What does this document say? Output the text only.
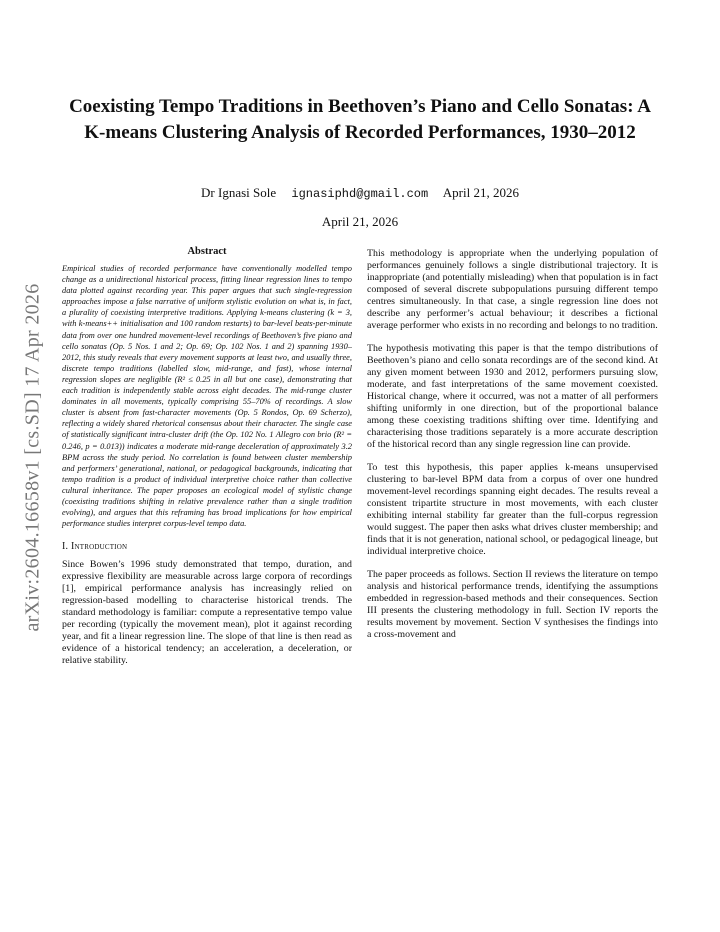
arXiv:2604.16658v1 [cs.SD] 17 Apr 2026
Coexisting Tempo Traditions in Beethoven’s Piano and Cello Sonatas: A K-means Clustering Analysis of Recorded Performances, 1930–2012
Dr Ignasi Sole ignasiphd@gmail.com April 21, 2026
April 21, 2026
Abstract

Empirical studies of recorded performance have conventionally modelled tempo change as a unidirectional historical process, fitting linear regression lines to tempo data plotted against recording year. This paper argues that such single-regression approaches impose a false narrative of uniform stylistic evolution on what is, in fact, a plurality of coexisting interpretive traditions. Applying k-means clustering (k = 3, with k-means++ initialisation and 100 random restarts) to bar-level beats-per-minute data from over one hundred movement-level recordings of Beethoven’s five piano and cello sonatas (Op. 5 Nos. 1 and 2; Op. 69; Op. 102 Nos. 1 and 2) spanning 1930–2012, this study reveals that every movement supports at least two, and usually three, discrete tempo traditions (labelled slow, mid-range, and fast), whose internal regression slopes are negligible (R² ≤ 0.25 in all but one case), demonstrating that each tradition is independently stable across eight decades. The mid-range cluster dominates in all movements, typically comprising 55–70% of recordings. A slow cluster is absent from fast-character movements (Op. 5 Rondos, Op. 69 Scherzo), reflecting a widely shared rhetorical consensus about their character. The single case of statistically significant intra-cluster drift (the Op. 102 No. 1 Allegro con brio (R² = 0.246, p = 0.013)) indicates a moderate mid-range deceleration of approximately 3.2 BPM across the study period. No correlation is found between cluster membership and performers’ generational, national, or pedagogical backgrounds, indicating that tempo tradition is a product of individual interpretive choice rather than collective cultural inheritance. The paper proposes an ecological model of stylistic change (coexisting traditions shifting in relative prevalence rather than a single tradition evolving), and argues that this reframing has broad implications for how empirical performance studies interpret corpus-level tempo data.

I. Introduction

Since Bowen’s 1996 study demonstrated that tempo, duration, and expressive flexibility are measurable across large corpora of recordings [1], empirical performance analysis has increasingly relied on regression-based modelling to characterise historical trends. The standard methodology is familiar: compute a representative tempo value per recording (typically the movement mean), plot it against recording year, and fit a linear regression line. The slope of that line is then read as evidence of a historical tendency; an acceleration, a deceleration, or relative stability.

This methodology is appropriate when the underlying population of performances genuinely follows a single distributional trajectory. It is inappropriate (and potentially misleading) when that population is in fact composed of several discrete subpopulations pursuing different tempo centres simultaneously. In that case, a single regression line does not describe any performer’s actual behaviour; it describes a fictional average performer who exists in no recording and belongs to no tradition.

The hypothesis motivating this paper is that the tempo distributions of Beethoven’s piano and cello sonata recordings are of the second kind. At any given moment between 1930 and 2012, performers pursuing slow, moderate, and fast interpretations of the same movement coexisted. Historical change, where it occurred, was not a matter of all performers shifting uniformly in one direction, but of the proportional balance among these coexisting traditions shifting over time. Identifying and characterising those traditions separately is a more accurate description of the historical record than any single regression line can provide.

To test this hypothesis, this paper applies k-means unsupervised clustering to bar-level BPM data from a corpus of over one hundred movement-level recordings spanning eight decades. The results reveal a consistent tripartite structure in most movements, with each cluster exhibiting internal stability far greater than the full-corpus regression would suggest. The paper then asks what drives cluster membership; and finds that it is not generation, national school, or pedagogical lineage, but individual interpretive choice.

The paper proceeds as follows. Section II reviews the literature on tempo analysis and historical performance trends, identifying the assumptions embedded in regression-based methods and their consequences. Section III presents the clustering methodology in full. Section IV reports the results movement by movement. Section V synthesises the findings into a cross-movement and
